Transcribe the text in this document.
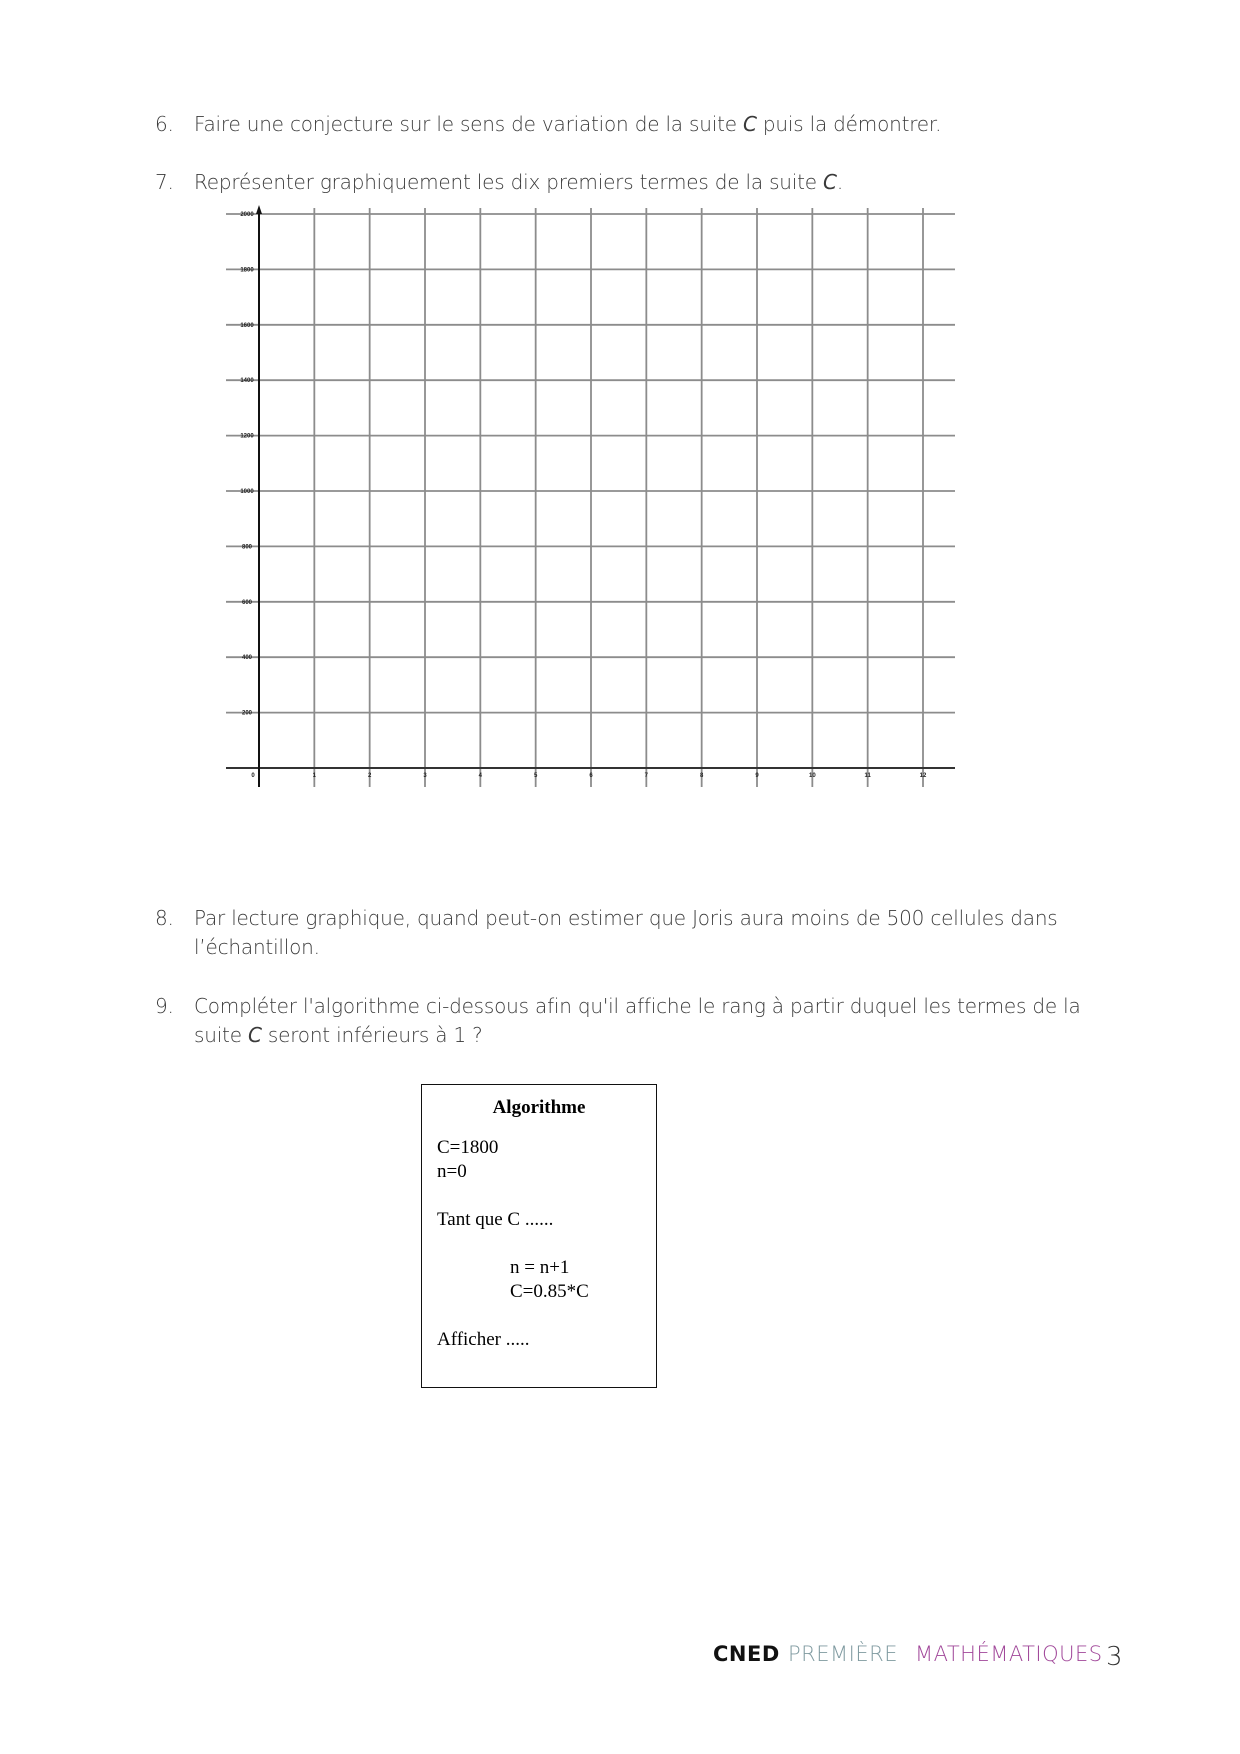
6. Faire une conjecture sur le sens de variation de la suite C puis la démontrer.
7. Représenter graphiquement les dix premiers termes de la suite C.
200
400
600
800
1000
1200
1400
1600
1800
2000
0	1	2	3	4	5	6	7	8	9	10	11	12
8. Par lecture graphique, quand peut-on estimer que Joris aura moins de 500 cellules dans l’échantillon.
9. Compléter l'algorithme ci-dessous afin qu'il affiche le rang à partir duquel les termes de la suite C seront inférieurs à 1 ?
Algorithme
C=1800
n=0
Tant que C ......
n = n+1
C=0.85*C
Afficher .....
CNED PREMIÈRE MATHÉMATIQUES 3
